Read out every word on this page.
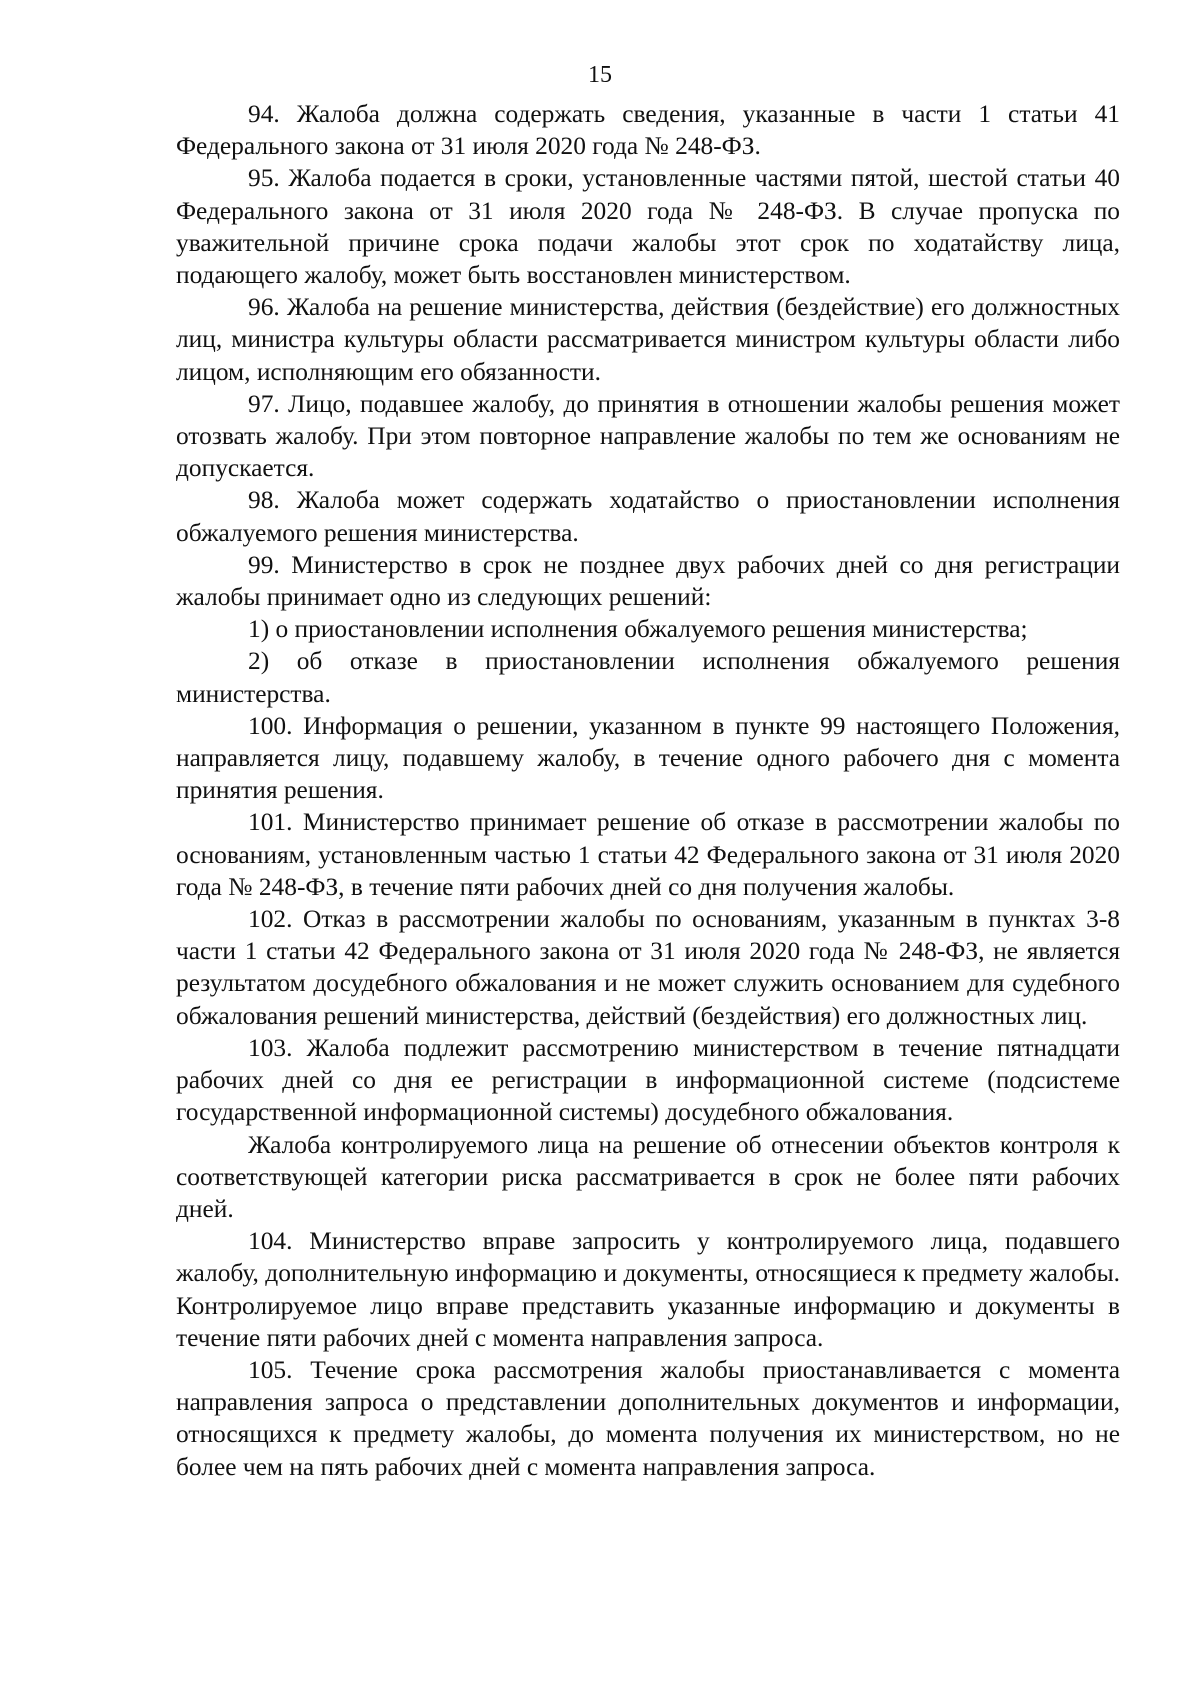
15

94. Жалоба должна содержать сведения, указанные в части 1 статьи 41 Федерального закона от 31 июля 2020 года № 248-ФЗ.

95. Жалоба подается в сроки, установленные частями пятой, шестой статьи 40 Федерального закона от 31 июля 2020 года № 248-ФЗ. В случае пропуска по уважительной причине срока подачи жалобы этот срок по ходатайству лица, подающего жалобу, может быть восстановлен министерством.

96. Жалоба на решение министерства, действия (бездействие) его должностных лиц, министра культуры области рассматривается министром культуры области либо лицом, исполняющим его обязанности.

97. Лицо, подавшее жалобу, до принятия в отношении жалобы решения может отозвать жалобу. При этом повторное направление жалобы по тем же основаниям не допускается.

98. Жалоба может содержать ходатайство о приостановлении исполнения обжалуемого решения министерства.

99. Министерство в срок не позднее двух рабочих дней со дня регистрации жалобы принимает одно из следующих решений:

1) о приостановлении исполнения обжалуемого решения министерства;

2) об отказе в приостановлении исполнения обжалуемого решения министерства.

100. Информация о решении, указанном в пункте 99 настоящего Положения, направляется лицу, подавшему жалобу, в течение одного рабочего дня с момента принятия решения.

101. Министерство принимает решение об отказе в рассмотрении жалобы по основаниям, установленным частью 1 статьи 42 Федерального закона от 31 июля 2020 года № 248-ФЗ, в течение пяти рабочих дней со дня получения жалобы.

102. Отказ в рассмотрении жалобы по основаниям, указанным в пунктах 3-8 части 1 статьи 42 Федерального закона от 31 июля 2020 года № 248-ФЗ, не является результатом досудебного обжалования и не может служить основанием для судебного обжалования решений министерства, действий (бездействия) его должностных лиц.

103. Жалоба подлежит рассмотрению министерством в течение пятнадцати рабочих дней со дня ее регистрации в информационной системе (подсистеме государственной информационной системы) досудебного обжалования.

Жалоба контролируемого лица на решение об отнесении объектов контроля к соответствующей категории риска рассматривается в срок не более пяти рабочих дней.

104. Министерство вправе запросить у контролируемого лица, подавшего жалобу, дополнительную информацию и документы, относящиеся к предмету жалобы. Контролируемое лицо вправе представить указанные информацию и документы в течение пяти рабочих дней с момента направления запроса.

105. Течение срока рассмотрения жалобы приостанавливается с момента направления запроса о представлении дополнительных документов и информации, относящихся к предмету жалобы, до момента получения их министерством, но не более чем на пять рабочих дней с момента направления запроса.
